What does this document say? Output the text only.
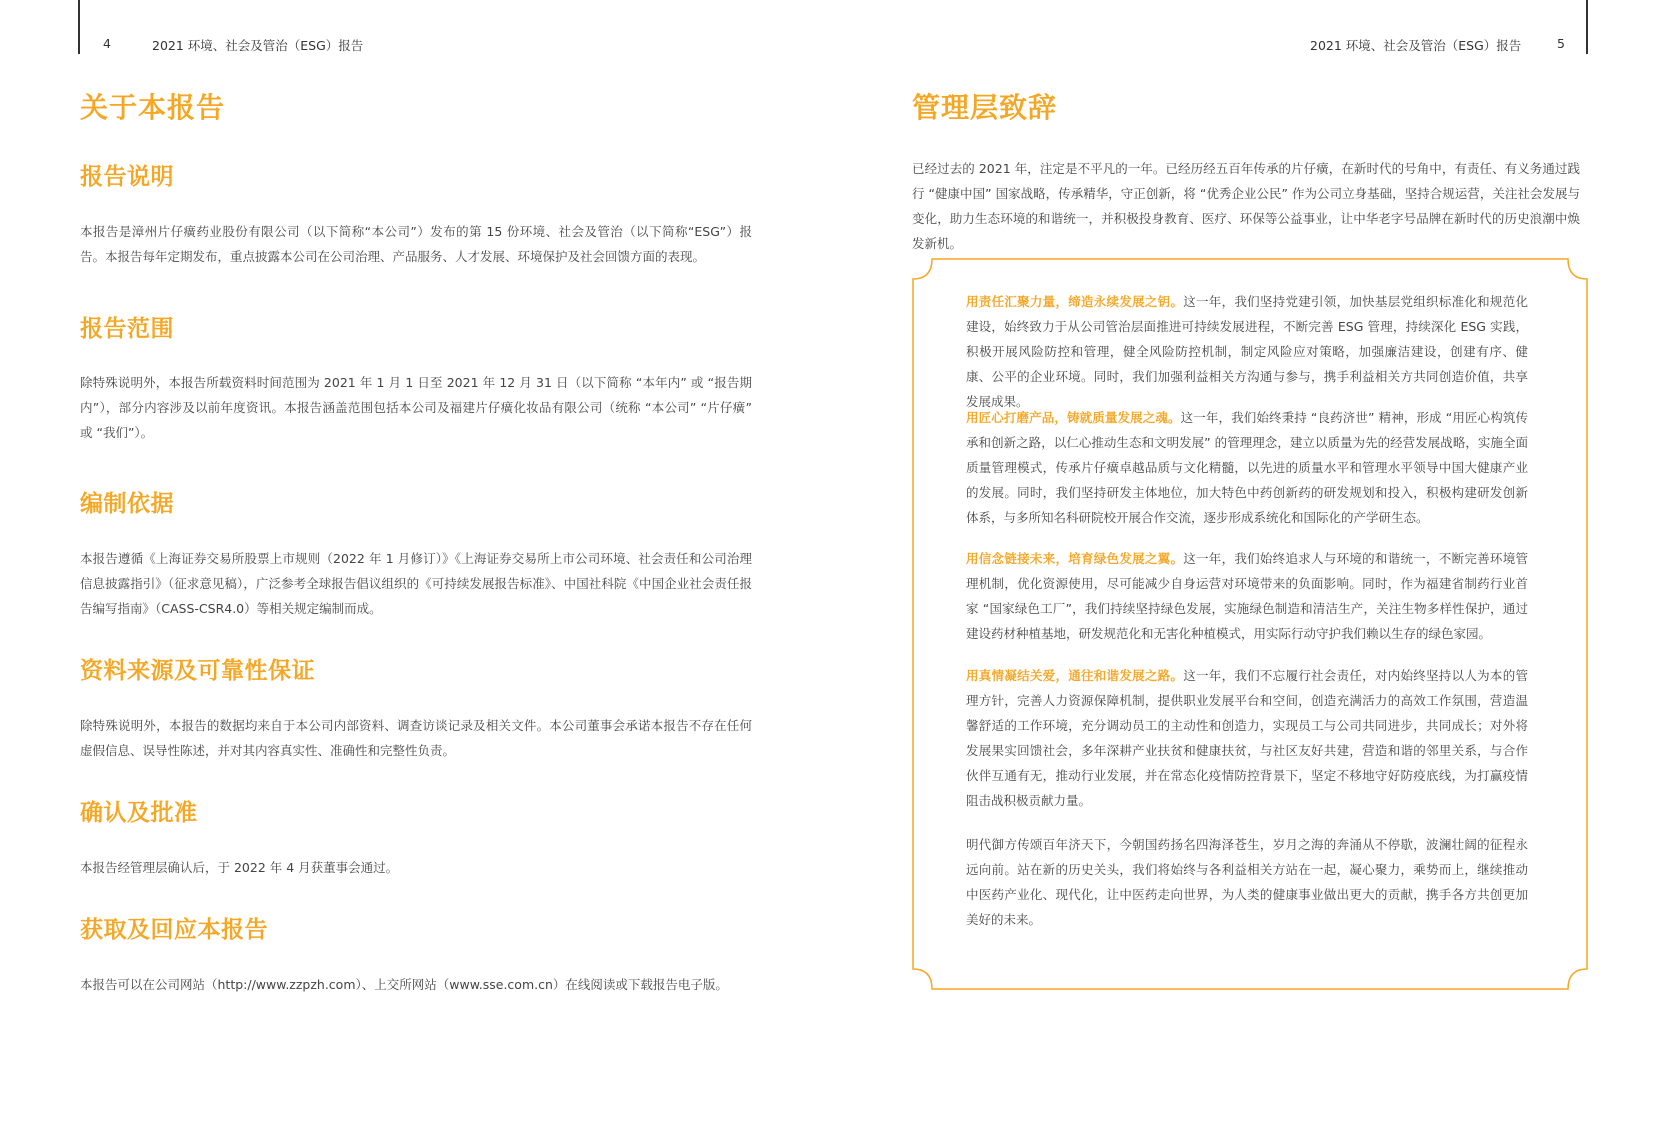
4	2021 环境、社会及管治（ESG）报告	2021 环境、社会及管治（ESG）报告	5
关于本报告
报告说明

本报告是漳州片仔癀药业股份有限公司（以下简称“本公司”）发布的第 15 份环境、社会及管治（以下简称“ESG”）报告。本报告每年定期发布，重点披露本公司在公司治理、产品服务、人才发展、环境保护及社会回馈方面的表现。

报告范围

除特殊说明外，本报告所载资料时间范围为 2021 年 1 月 1 日至 2021 年 12 月 31 日（以下简称 “本年内” 或 “报告期内”），部分内容涉及以前年度资讯。本报告涵盖范围包括本公司及福建片仔癀化妆品有限公司（统称 “本公司” “片仔癀” 或 “我们”）。

编制依据

本报告遵循《上海证券交易所股票上市规则（2022 年 1 月修订）》《上海证券交易所上市公司环境、社会责任和公司治理信息披露指引》（征求意见稿），广泛参考全球报告倡议组织的《可持续发展报告标准》、中国社科院《中国企业社会责任报告编写指南》（CASS-CSR4.0）等相关规定编制而成。

资料来源及可靠性保证

除特殊说明外，本报告的数据均来自于本公司内部资料、调查访谈记录及相关文件。本公司董事会承诺本报告不存在任何虚假信息、误导性陈述，并对其内容真实性、准确性和完整性负责。

确认及批准

本报告经管理层确认后，于 2022 年 4 月获董事会通过。

获取及回应本报告

本报告可以在公司网站（http://www.zzpzh.com）、上交所网站（www.sse.com.cn）在线阅读或下载报告电子版。

管理层致辞

已经过去的 2021 年，注定是不平凡的一年。已经历经五百年传承的片仔癀，在新时代的号角中，有责任、有义务通过践行 “健康中国” 国家战略，传承精华，守正创新，将 “优秀企业公民” 作为公司立身基础，坚持合规运营，关注社会发展与变化，助力生态环境的和谐统一，并积极投身教育、医疗、环保等公益事业，让中华老字号品牌在新时代的历史浪潮中焕发新机。

用责任汇聚力量，缔造永续发展之钥。这一年，我们坚持党建引领，加快基层党组织标准化和规范化建设，始终致力于从公司管治层面推进可持续发展进程，不断完善 ESG 管理，持续深化 ESG 实践，积极开展风险防控和管理，健全风险防控机制，制定风险应对策略，加强廉洁建设，创建有序、健康、公平的企业环境。同时，我们加强利益相关方沟通与参与，携手利益相关方共同创造价值，共享发展成果。

用匠心打磨产品，铸就质量发展之魂。这一年，我们始终秉持 “良药济世” 精神，形成 “用匠心构筑传承和创新之路，以仁心推动生态和文明发展” 的管理理念，建立以质量为先的经营发展战略，实施全面质量管理模式，传承片仔癀卓越品质与文化精髓，以先进的质量水平和管理水平领导中国大健康产业的发展。同时，我们坚持研发主体地位，加大特色中药创新药的研发规划和投入，积极构建研发创新体系，与多所知名科研院校开展合作交流，逐步形成系统化和国际化的产学研生态。

用信念链接未来，培育绿色发展之翼。这一年，我们始终追求人与环境的和谐统一，不断完善环境管理机制，优化资源使用，尽可能减少自身运营对环境带来的负面影响。同时，作为福建省制药行业首家 “国家绿色工厂”，我们持续坚持绿色发展，实施绿色制造和清洁生产，关注生物多样性保护，通过建设药材种植基地，研发规范化和无害化种植模式，用实际行动守护我们赖以生存的绿色家园。

用真情凝结关爱，通往和谐发展之路。这一年，我们不忘履行社会责任，对内始终坚持以人为本的管理方针，完善人力资源保障机制，提供职业发展平台和空间，创造充满活力的高效工作氛围，营造温馨舒适的工作环境，充分调动员工的主动性和创造力，实现员工与公司共同进步，共同成长；对外将发展果实回馈社会，多年深耕产业扶贫和健康扶贫，与社区友好共建，营造和谐的邻里关系，与合作伙伴互通有无，推动行业发展，并在常态化疫情防控背景下，坚定不移地守好防疫底线，为打赢疫情阻击战积极贡献力量。

明代御方传颂百年济天下，今朝国药扬名四海泽苍生，岁月之海的奔涌从不停歇，波澜壮阔的征程永远向前。站在新的历史关头，我们将始终与各利益相关方站在一起，凝心聚力，乘势而上，继续推动中医药产业化、现代化，让中医药走向世界，为人类的健康事业做出更大的贡献，携手各方共创更加美好的未来。
